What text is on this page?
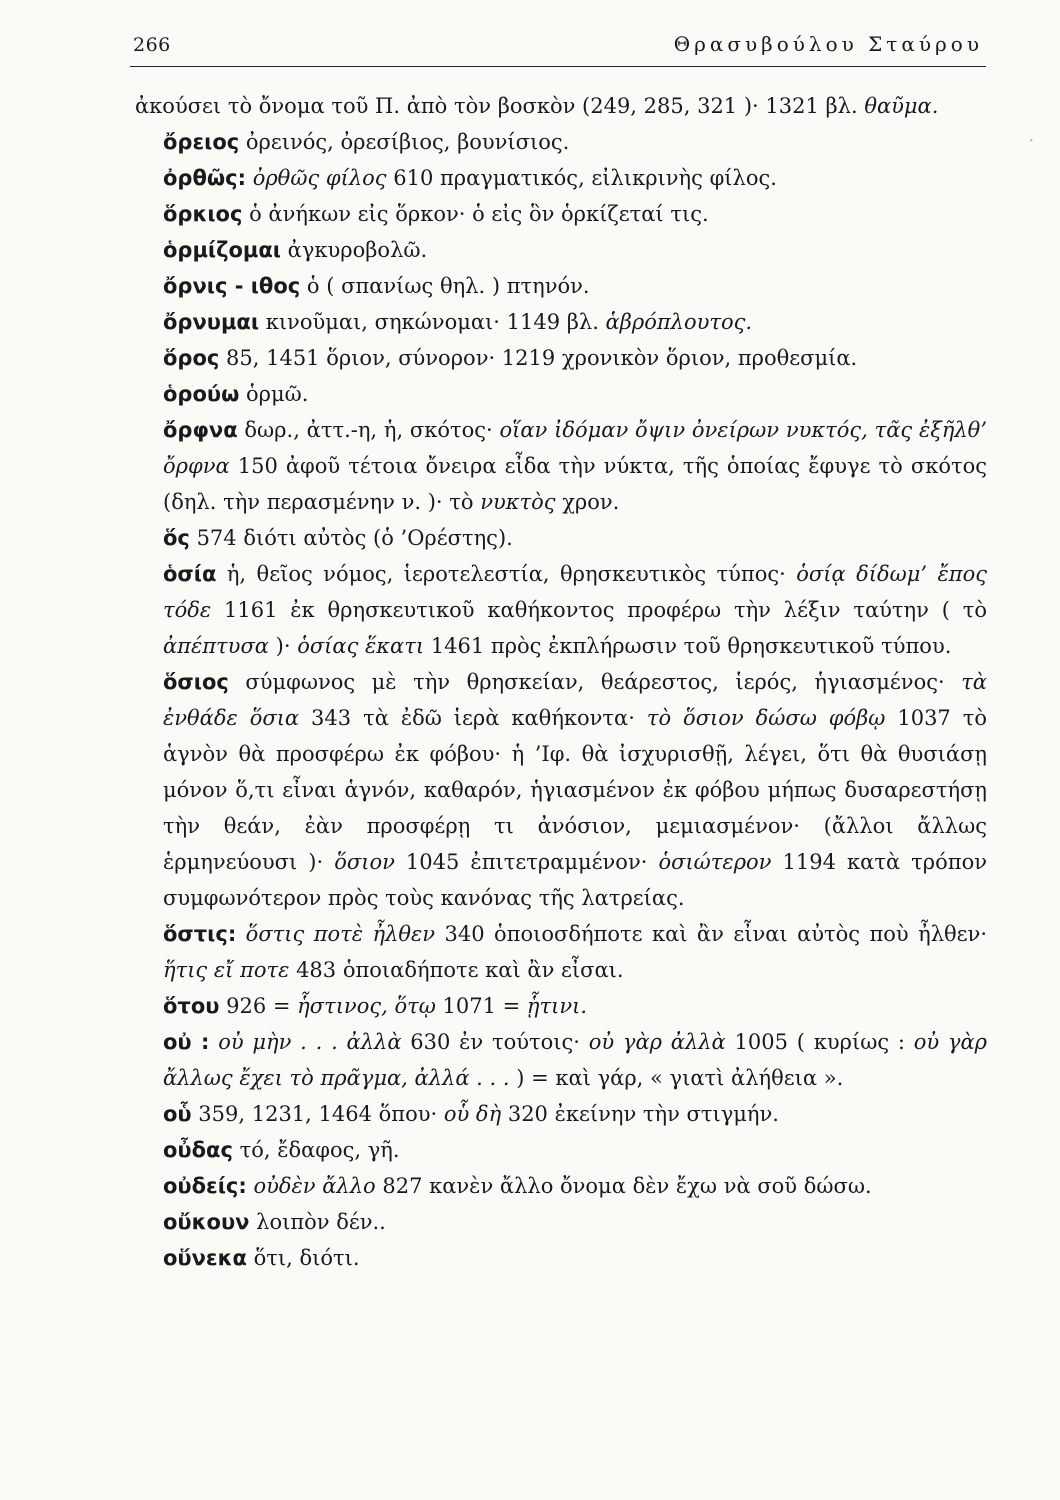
266	Θρασυβούλου Σταύρου
·

ἀκούσει τὸ ὄνομα τοῦ Π. ἀπὸ τὸν βοσκὸν (249, 285, 321 )· 1321 βλ. θαῦμα.

ὄρειος ὀρεινός, ὀρεσίβιος, βουνίσιος.

ὀρθῶς: ὀρθῶς φίλος 610 πραγματικός, εἰλικρινὴς φίλος.

ὅρκιος ὁ ἀνήκων εἰς ὅρκον· ὁ εἰς ὃν ὁρκίζεταί τις.

ὁρμίζομαι ἀγκυροβολῶ.

ὄρνις - ιθος ὁ ( σπανίως θηλ. ) πτηνόν.

ὄρνυμαι κινοῦμαι, σηκώνομαι· 1149 βλ. ἁβρόπλουτος.

ὅρος 85, 1451 ὅριον, σύνορον· 1219 χρονικὸν ὅριον, προθεσμία.

ὁρούω ὁρμῶ.

ὄρφνα δωρ., ἀττ.-η, ἡ, σκότος· οἵαν ἰδόμαν ὄψιν ὀνείρων νυκτός, τᾶς ἐξῆλθ’ ὄρφνα 150 ἀφοῦ τέτοια ὄνειρα εἶδα τὴν νύκτα, τῆς ὁποίας ἔφυγε τὸ σκότος (δηλ. τὴν περασμένην ν. )· τὸ νυκτὸς χρον.

ὅς 574 διότι αὐτὸς (ὁ ’Ορέστης).

ὁσία ἡ, θεῖος νόμος, ἱεροτελεστία, θρησκευτικὸς τύπος· ὁσίᾳ δίδωμ’ ἔπος τόδε 1161 ἐκ θρησκευτικοῦ καθήκοντος προφέρω τὴν λέξιν ταύτην ( τὸ ἀπέπτυσα )· ὁσίας ἕκατι 1461 πρὸς ἐκπλήρωσιν τοῦ θρησκευτικοῦ τύπου.

ὅσιος σύμφωνος μὲ τὴν θρησκείαν, θεάρεστος, ἱερός, ἡγιασμένος· τὰ ἐνθάδε ὅσια 343 τὰ ἐδῶ ἱερὰ καθήκοντα· τὸ ὅσιον δώσω φόβῳ 1037 τὸ ἁγνὸν θὰ προσφέρω ἐκ φόβου· ἡ ’Ιφ. θὰ ἰσχυρισθῇ, λέγει, ὅτι θὰ θυσιάσῃ μόνον ὅ,τι εἶναι ἁγνόν, καθαρόν, ἡγιασμένον ἐκ φόβου μήπως δυσαρεστήσῃ τὴν θεάν, ἐὰν προσφέρῃ τι ἀνόσιον, μεμιασμένον· (ἄλλοι ἄλλως ἑρμηνεύουσι )· ὅσιον 1045 ἐπιτετραμμένον· ὁσιώτερον 1194 κατὰ τρόπον συμφωνότερον πρὸς τοὺς κανόνας τῆς λατρείας.

ὅστις: ὅστις ποτὲ ἦλθεν 340 ὁποιοσδήποτε καὶ ἂν εἶναι αὐτὸς ποὺ ἦλθεν· ἥτις εἴ ποτε 483 ὁποιαδήποτε καὶ ἂν εἶσαι.

ὅτου 926 = ἧστινος, ὅτῳ 1071 = ᾗτινι.

οὐ : οὐ μὴν . . . ἀλλὰ 630 ἐν τούτοις· οὐ γὰρ ἀλλὰ 1005 ( κυρίως : οὐ γὰρ ἄλλως ἔχει τὸ πρᾶγμα, ἀλλά . . . ) = καὶ γάρ, « γιατὶ ἀλήθεια ».

οὗ 359, 1231, 1464 ὅπου· οὗ δὴ 320 ἐκείνην τὴν στιγμήν.

οὖδας τό, ἔδαφος, γῆ.

οὐδείς: οὐδὲν ἄλλο 827 κανὲν ἄλλο ὄνομα δὲν ἔχω νὰ σοῦ δώσω.

οὔκουν λοιπὸν δέν..

οὕνεκα ὅτι, διότι.
